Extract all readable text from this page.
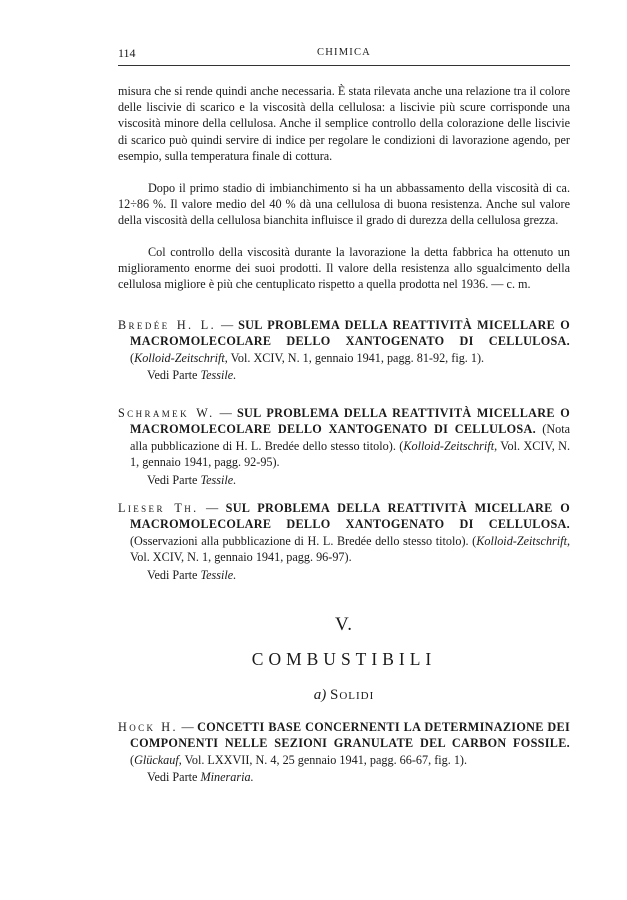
114	CHIMICA

misura che si rende quindi anche necessaria. È stata rilevata anche una relazione tra il colore delle liscivie di scarico e la viscosità della cellulosa: a liscivie più scure corrisponde una viscosità minore della cellulosa. Anche il semplice controllo della colorazione delle liscivie di scarico può quindi servire di indice per regolare le condizioni di lavorazione agendo, per esempio, sulla temperatura finale di cottura.

Dopo il primo stadio di imbianchimento si ha un abbassamento della viscosità di ca. 12÷86 %. Il valore medio del 40 % dà una cellulosa di buona resistenza. Anche sul valore della viscosità della cellulosa bianchita influisce il grado di durezza della cellulosa grezza.

Col controllo della viscosità durante la lavorazione la detta fabbrica ha ottenuto un miglioramento enorme dei suoi prodotti. Il valore della resistenza allo sgualcimento della cellulosa migliore è più che centuplicato rispetto a quella prodotta nel 1936. — c. m.

Bredée H. L. — SUL PROBLEMA DELLA REATTIVITÀ MICELLARE O MACROMOLECOLARE DELLO XANTOGENATO DI CELLULOSA. (Kolloid-Zeitschrift, Vol. XCIV, N. 1, gennaio 1941, pagg. 81-92, fig. 1).

Vedi Parte Tessile.

Schramek W. — SUL PROBLEMA DELLA REATTIVITÀ MICELLARE O MACROMOLECOLARE DELLO XANTOGENATO DI CELLULOSA. (Nota alla pubblicazione di H. L. Bredée dello stesso titolo). (Kolloid-Zeitschrift, Vol. XCIV, N. 1, gennaio 1941, pagg. 92-95).

Vedi Parte Tessile.

Lieser Th. — SUL PROBLEMA DELLA REATTIVITÀ MICELLARE O MACROMOLECOLARE DELLO XANTOGENATO DI CELLULOSA. (Osservazioni alla pubblicazione di H. L. Bredée dello stesso titolo). (Kolloid-Zeitschrift, Vol. XCIV, N. 1, gennaio 1941, pagg. 96-97).

Vedi Parte Tessile.

V.
COMBUSTIBILI
a) Solidi

Hock H. — CONCETTI BASE CONCERNENTI LA DETERMINAZIONE DEI COMPONENTI NELLE SEZIONI GRANULATE DEL CARBON FOSSILE. (Glückauf, Vol. LXXVII, N. 4, 25 gennaio 1941, pagg. 66-67, fig. 1).

Vedi Parte Mineraria.
